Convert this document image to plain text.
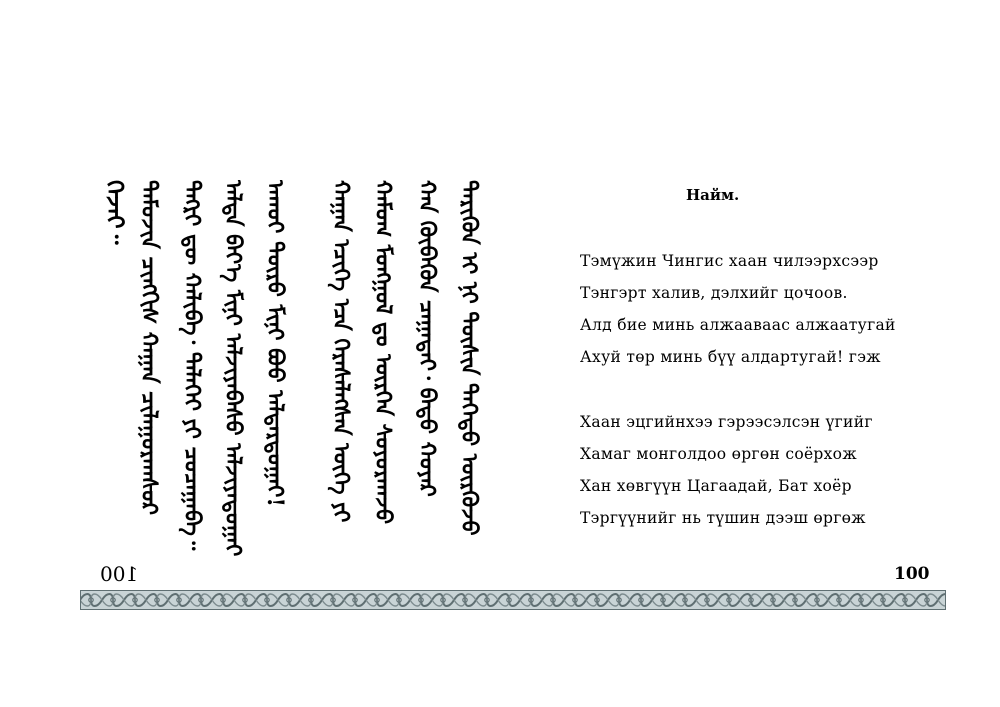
ᠭᠡᠵᠡᠢ᠃ ᠲᠡᠮᠦᠵᠢᠨ ᠴᠢᠩᠭᠢᠰ ᠬᠠᠭᠠᠨ ᠴᠢᠯᠠᠭᠤᠷᠬᠠᠰᠤᠷ ᠲᠩᠷᠢ ᠳᠦ ᠬᠠᠯᠢᠪᠠ᠂ ᠳᠡᠯᠡᠬᠡᠢ ᠶᠢ ᠴᠣᠴᠠᠭᠠᠪᠠ᠃ ᠠᠯᠳᠠ ᠪᠡᠶ᠎ᠡ ᠮᠢᠨᠢ ᠠᠯᠵᠢᠶᠠᠪᠠᠰᠤ ᠠᠯᠵᠢᠶᠠᠲᠤᠭᠠᠢ ᠠᠬᠤᠢ ᠲᠥᠷᠥ ᠮᠢᠨᠢ ᠪᠦᠦ ᠠᠯᠳᠠᠷᠲᠤᠭᠠᠢ! ᠬᠠᠭᠠᠨ ᠡᠴᠢᠭᠡ ᠡᠴᠡ ᠭᠡᠷᠡᠰᠡᠯᠡᠭᠰᠡᠨ ᠦᠭᠡ ᠶᠢ ᠬᠠᠮᠤᠭ ᠮᠣᠩᠭᠣᠯ ᠳᠤ ᠥᠷᠭᠡᠨ ᠰᠣᠶᠣᠷᠬᠠᠵᠤ ᠬᠠᠨ ᠬᠥᠪᠡᠭᠦᠨ ᠴᠠᠭᠠᠳᠠᠢ᠂ ᠪᠠᠲᠤ ᠬᠣᠶᠠᠷ ᠲᠡᠷᠢᠭᠦᠨ ᠢ ᠨᠢ ᠲᠦᠰᠢᠨ ᠳᠡᠭᠡᠳᠦ ᠥᠷᠭᠦᠵᠦ
100
Найм.
Тэмүжин Чингис хаан чилээрхсээр
Тэнгэрт халив, дэлхийг цочоов.
Алд бие минь алжааваас алжаатугай
Ахуй төр минь бүү алдартугай! гэж
Хаан эцгийнхээ гэрээсэлсэн үгийг
Хамаг монголдоо өргөн соёрхож
Хан хөвгүүн Цагаадай, Бат хоёр
Тэргүүнийг нь түшин дээш өргөж
100
